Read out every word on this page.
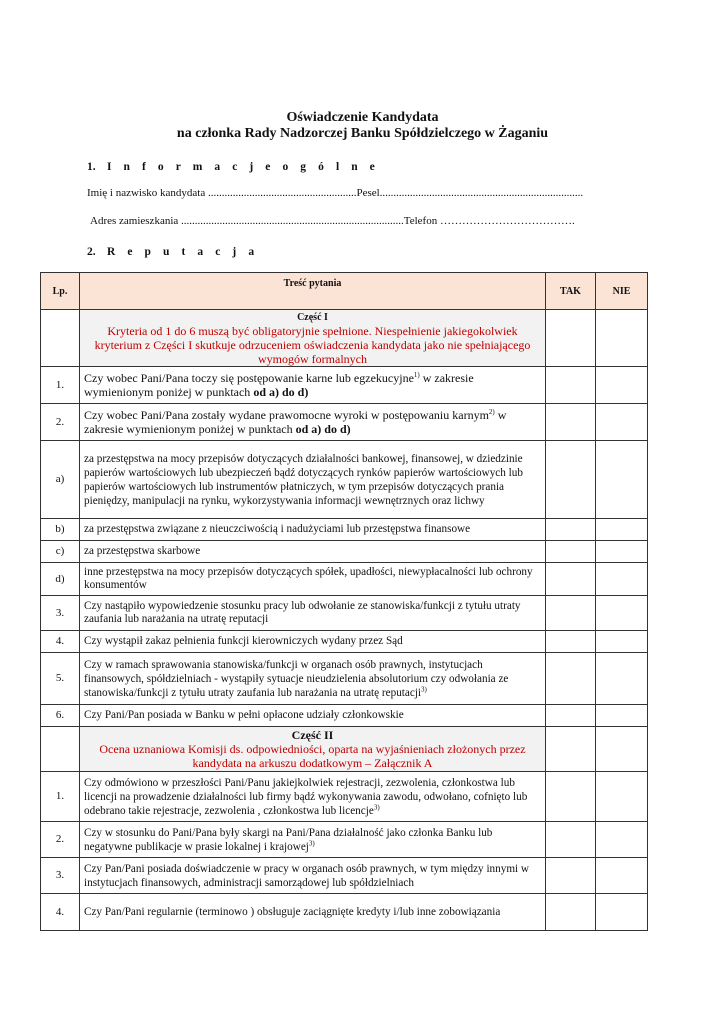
Oświadczenie Kandydata
na członka Rady Nadzorczej Banku Spółdzielczego w Żaganiu
1. I n f o r m a c j e o g ó l n e
Imię i nazwisko kandydata ......................................................Pesel..........................................................................
Adres zamieszkania .................................................................................Telefon ……………………………….
2. R e p u t a c j a
Lp.	Treść pytania	TAK	NIE

	Część I
Kryteria od 1 do 6 muszą być obligatoryjnie spełnione. Niespełnienie jakiegokolwiek kryterium z Części I skutkuje odrzuceniem oświadczenia kandydata jako nie spełniającego wymogów formalnych		

1.	Czy wobec Pani/Pana toczy się postępowanie karne lub egzekucyjne$^{1)}$ w zakresie wymienionym poniżej w punktach od a) do d)		
2.	Czy wobec Pani/Pana zostały wydane prawomocne wyroki w postępowaniu karnym$^{2)}$ w zakresie wymienionym poniżej w punktach od a) do d)		
a)	za przestępstwa na mocy przepisów dotyczących działalności bankowej, finansowej, w dziedzinie papierów wartościowych lub ubezpieczeń bądź dotyczących rynków papierów wartościowych lub papierów wartościowych lub instrumentów płatniczych, w tym przepisów dotyczących prania pieniędzy, manipulacji na rynku, wykorzystywania informacji wewnętrznych oraz lichwy		
b)	za przestępstwa związane z nieuczciwością i nadużyciami lub przestępstwa finansowe		
c)	za przestępstwa skarbowe		
d)	inne przestępstwa na mocy przepisów dotyczących spółek, upadłości, niewypłacalności lub ochrony konsumentów		
3.	Czy nastąpiło wypowiedzenie stosunku pracy lub odwołanie ze stanowiska/funkcji z tytułu utraty zaufania lub narażania na utratę reputacji		
4.	Czy wystąpił zakaz pełnienia funkcji kierowniczych wydany przez Sąd		
5.	Czy w ramach sprawowania stanowiska/funkcji w organach osób prawnych, instytucjach finansowych, spółdzielniach - wystąpiły sytuacje nieudzielenia absolutorium czy odwołania ze stanowiska/funkcji z tytułu utraty zaufania lub narażania na utratę reputacji$^{3)}$		
6.	Czy Pani/Pan posiada w Banku w pełni opłacone udziały członkowskie		

	Część II
Ocena uznaniowa Komisji ds. odpowiedniości, oparta na wyjaśnieniach złożonych przez kandydata na arkuszu dodatkowym – Załącznik A		

1.	Czy odmówiono w przeszłości Pani/Panu jakiejkolwiek rejestracji, zezwolenia, członkostwa lub licencji na prowadzenie działalności lub firmy bądź wykonywania zawodu, odwołano, cofnięto lub odebrano takie rejestracje, zezwolenia , członkostwa lub licencje$^{3)}$		
2.	Czy w stosunku do Pani/Pana były skargi na Pani/Pana działalność jako członka Banku lub negatywne publikacje w prasie lokalnej i krajowej$^{3)}$		
3.	Czy Pan/Pani posiada doświadczenie w pracy w organach osób prawnych, w tym między innymi w instytucjach finansowych, administracji samorządowej lub spółdzielniach		
4.	Czy Pan/Pani regularnie (terminowo ) obsługuje zaciągnięte kredyty i/lub inne zobowiązania		
